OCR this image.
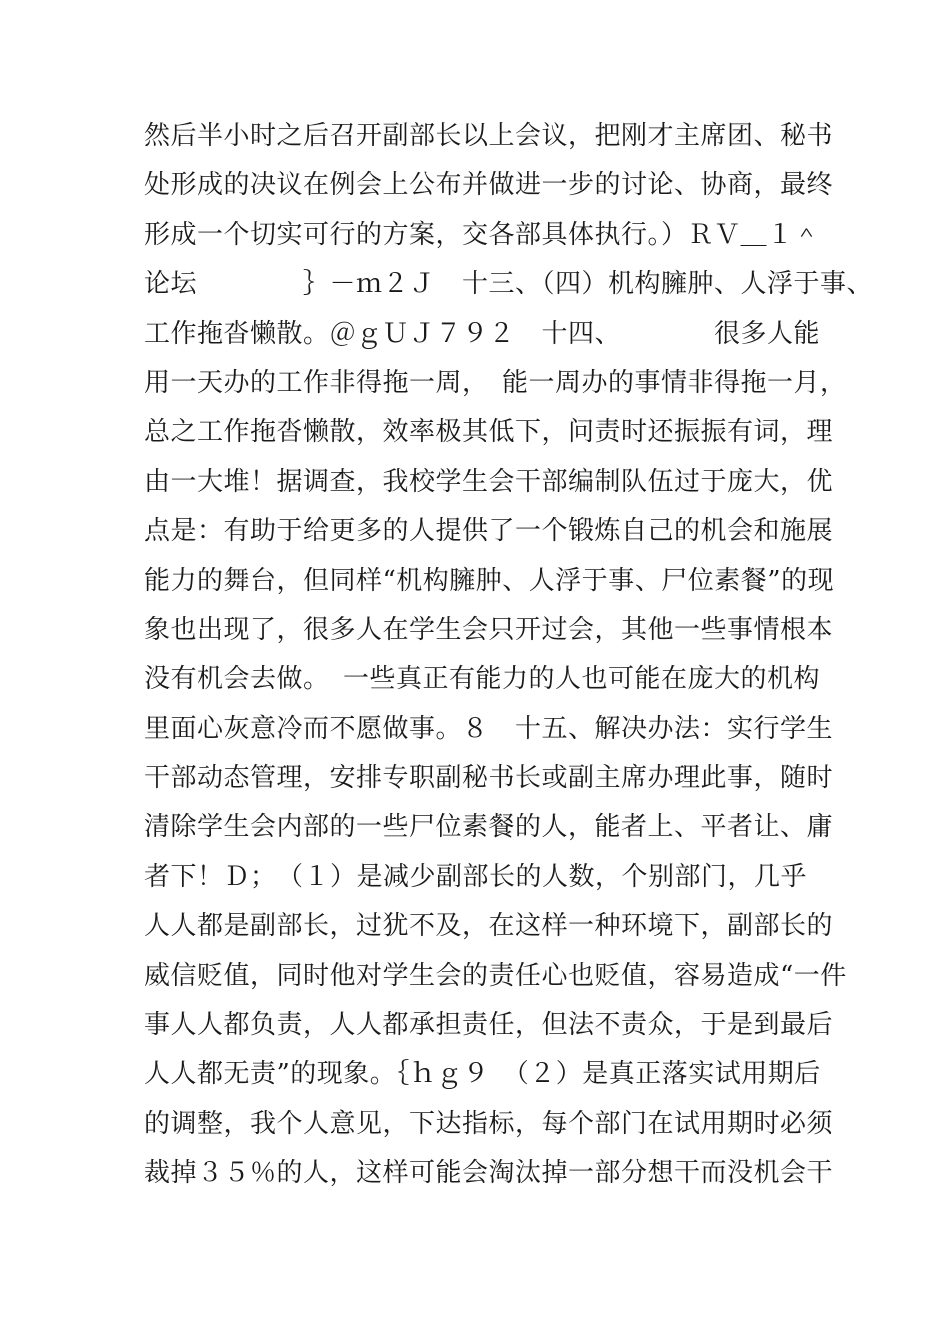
然后半小时之后召开副部长以上会议，把刚才主席团、秘书
处形成的决议在例会上公布并做进一步的讨论、协商，最终
形成一个切实可行的方案，交各部具体执行。）ＲＶ＿１＾
论坛　　　　｝－ｍ２Ｊ　十三、（四）机构臃肿、人浮于事、
工作拖沓懒散。＠ｇＵＪ７９２　十四、　　　　很多人能
用一天办的工作非得拖一周，　能一周办的事情非得拖一月，
总之工作拖沓懒散，效率极其低下，问责时还振振有词，理
由一大堆！据调查，我校学生会干部编制队伍过于庞大，优
点是：有助于给更多的人提供了一个锻炼自己的机会和施展
能力的舞台，但同样“机构臃肿、人浮于事、尸位素餐”的现
象也出现了，很多人在学生会只开过会，其他一些事情根本
没有机会去做。　一些真正有能力的人也可能在庞大的机构
里面心灰意冷而不愿做事。８　十五、解决办法：实行学生
干部动态管理，安排专职副秘书长或副主席办理此事，随时
清除学生会内部的一些尸位素餐的人，能者上、平者让、庸
者下！Ｄ；　（１）是减少副部长的人数，个别部门，几乎
人人都是副部长，过犹不及，在这样一种环境下，副部长的
威信贬值，同时他对学生会的责任心也贬值，容易造成“一件
事人人都负责，人人都承担责任，但法不责众，于是到最后
人人都无责”的现象。｛ｈｇ９　（２）是真正落实试用期后
的调整，我个人意见，下达指标，每个部门在试用期时必须
裁掉３５％的人，这样可能会淘汰掉一部分想干而没机会干
